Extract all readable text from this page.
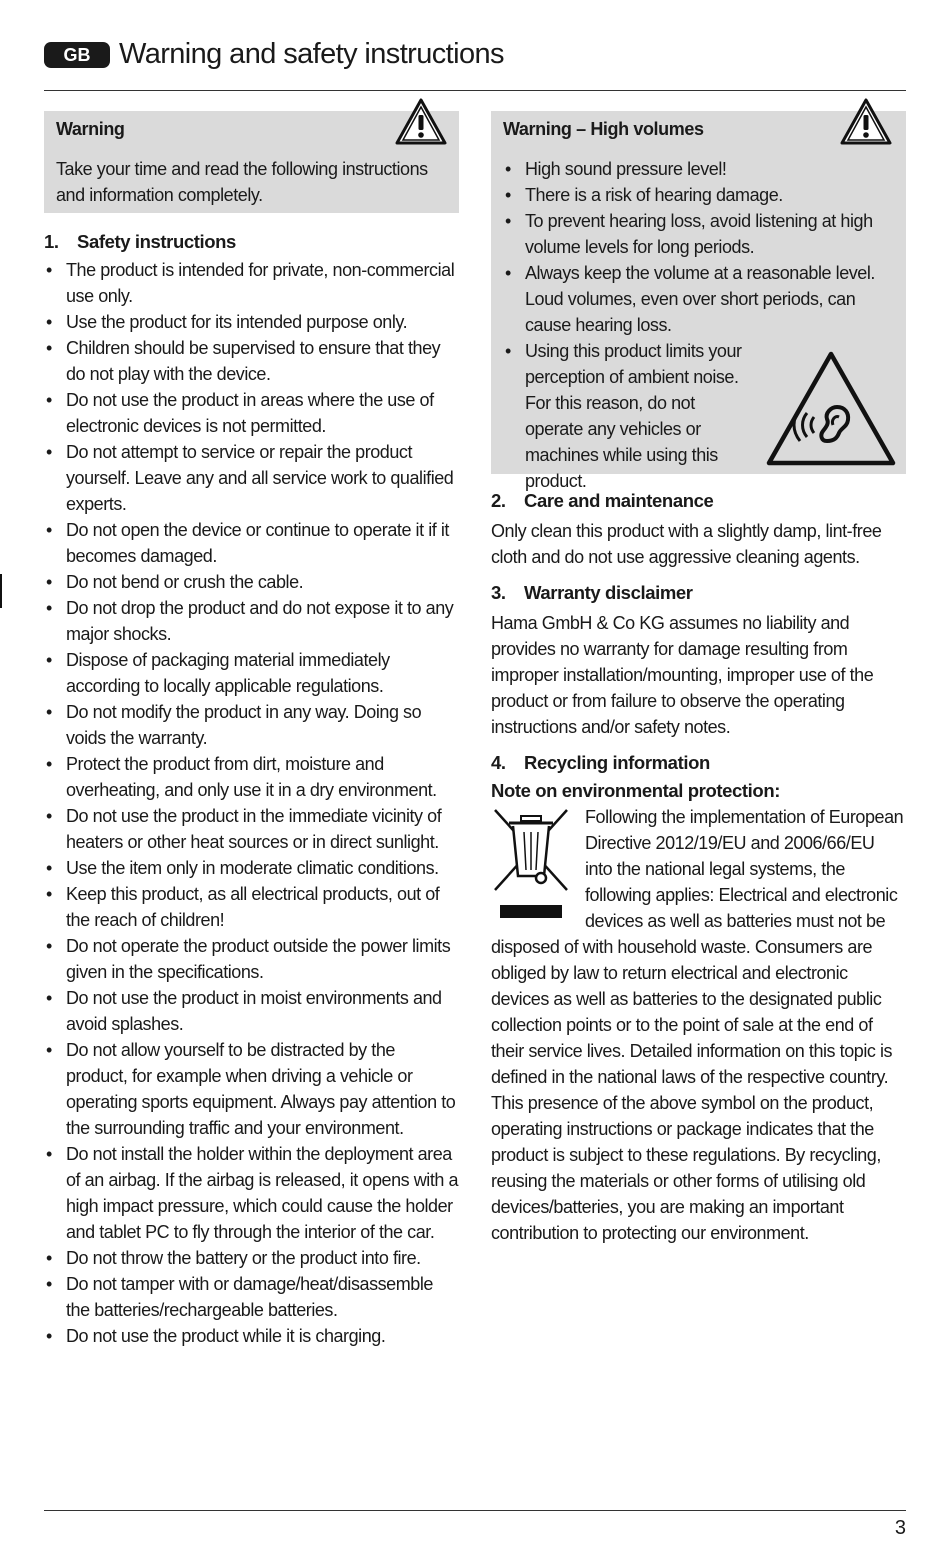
GB Warning and safety instructions
Warning
Take your time and read the following instructions and information completely.
1. Safety instructions
• The product is intended for private, non-commercial use only.
• Use the product for its intended purpose only.
• Children should be supervised to ensure that they do not play with the device.
• Do not use the product in areas where the use of electronic devices is not permitted.
• Do not attempt to service or repair the product yourself. Leave any and all service work to qualified experts.
• Do not open the device or continue to operate it if it becomes damaged.
• Do not bend or crush the cable.
• Do not drop the product and do not expose it to any major shocks.
• Dispose of packaging material immediately according to locally applicable regulations.
• Do not modify the product in any way. Doing so voids the warranty.
• Protect the product from dirt, moisture and overheating, and only use it in a dry environment.
• Do not use the product in the immediate vicinity of heaters or other heat sources or in direct sunlight.
• Use the item only in moderate climatic conditions.
• Keep this product, as all electrical products, out of the reach of children!
• Do not operate the product outside the power limits given in the specifications.
• Do not use the product in moist environments and avoid splashes.
• Do not allow yourself to be distracted by the product, for example when driving a vehicle or operating sports equipment. Always pay attention to the surrounding traffic and your environment.
• Do not install the holder within the deployment area of an airbag. If the airbag is released, it opens with a high impact pressure, which could cause the holder and tablet PC to fly through the interior of the car.
• Do not throw the battery or the product into fire.
• Do not tamper with or damage/heat/disassemble the batteries/rechargeable batteries.
• Do not use the product while it is charging.
Warning – High volumes
• High sound pressure level!
• There is a risk of hearing damage.
• To prevent hearing loss, avoid listening at high volume levels for long periods.
• Always keep the volume at a reasonable level. Loud volumes, even over short periods, can cause hearing loss.
• Using this product limits your perception of ambient noise. For this reason, do not operate any vehicles or machines while using this product.
2. Care and maintenance
Only clean this product with a slightly damp, lint-free cloth and do not use aggressive cleaning agents.
3. Warranty disclaimer
Hama GmbH & Co KG assumes no liability and provides no warranty for damage resulting from improper installation/mounting, improper use of the product or from failure to observe the operating instructions and/or safety notes.
4. Recycling information
Note on environmental protection:
Following the implementation of European Directive 2012/19/EU and 2006/66/EU into the national legal systems, the following applies: Electrical and electronic devices as well as batteries must not be disposed of with household waste. Consumers are obliged by law to return electrical and electronic devices as well as batteries to the designated public collection points or to the point of sale at the end of their service lives. Detailed information on this topic is defined in the national laws of the respective country. This presence of the above symbol on the product, operating instructions or package indicates that the product is subject to these regulations. By recycling, reusing the materials or other forms of utilising old devices/batteries, you are making an important contribution to protecting our environment.
3
